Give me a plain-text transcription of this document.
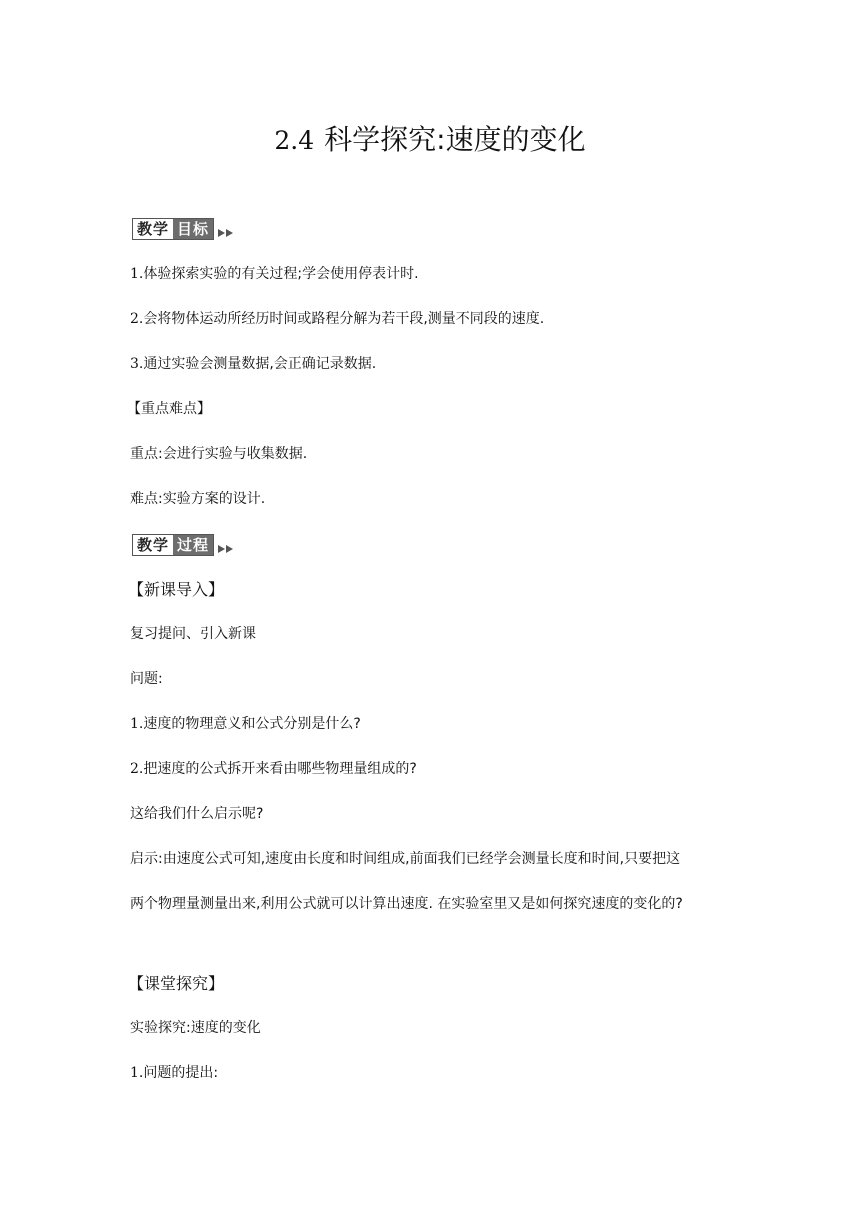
2.4 科学探究:速度的变化
教学 目标
1.体验探索实验的有关过程;学会使用停表计时.
2.会将物体运动所经历时间或路程分解为若干段,测量不同段的速度.
3.通过实验会测量数据,会正确记录数据.
【重点难点】
重点:会进行实验与收集数据.
难点:实验方案的设计.
教学 过程
【新课导入】
复习提问、引入新课
问题:
1.速度的物理意义和公式分别是什么?
2.把速度的公式拆开来看由哪些物理量组成的?
这给我们什么启示呢?
启示:由速度公式可知,速度由长度和时间组成,前面我们已经学会测量长度和时间,只要把这
两个物理量测量出来,利用公式就可以计算出速度. 在实验室里又是如何探究速度的变化的?
【课堂探究】
实验探究:速度的变化
1.问题的提出:
